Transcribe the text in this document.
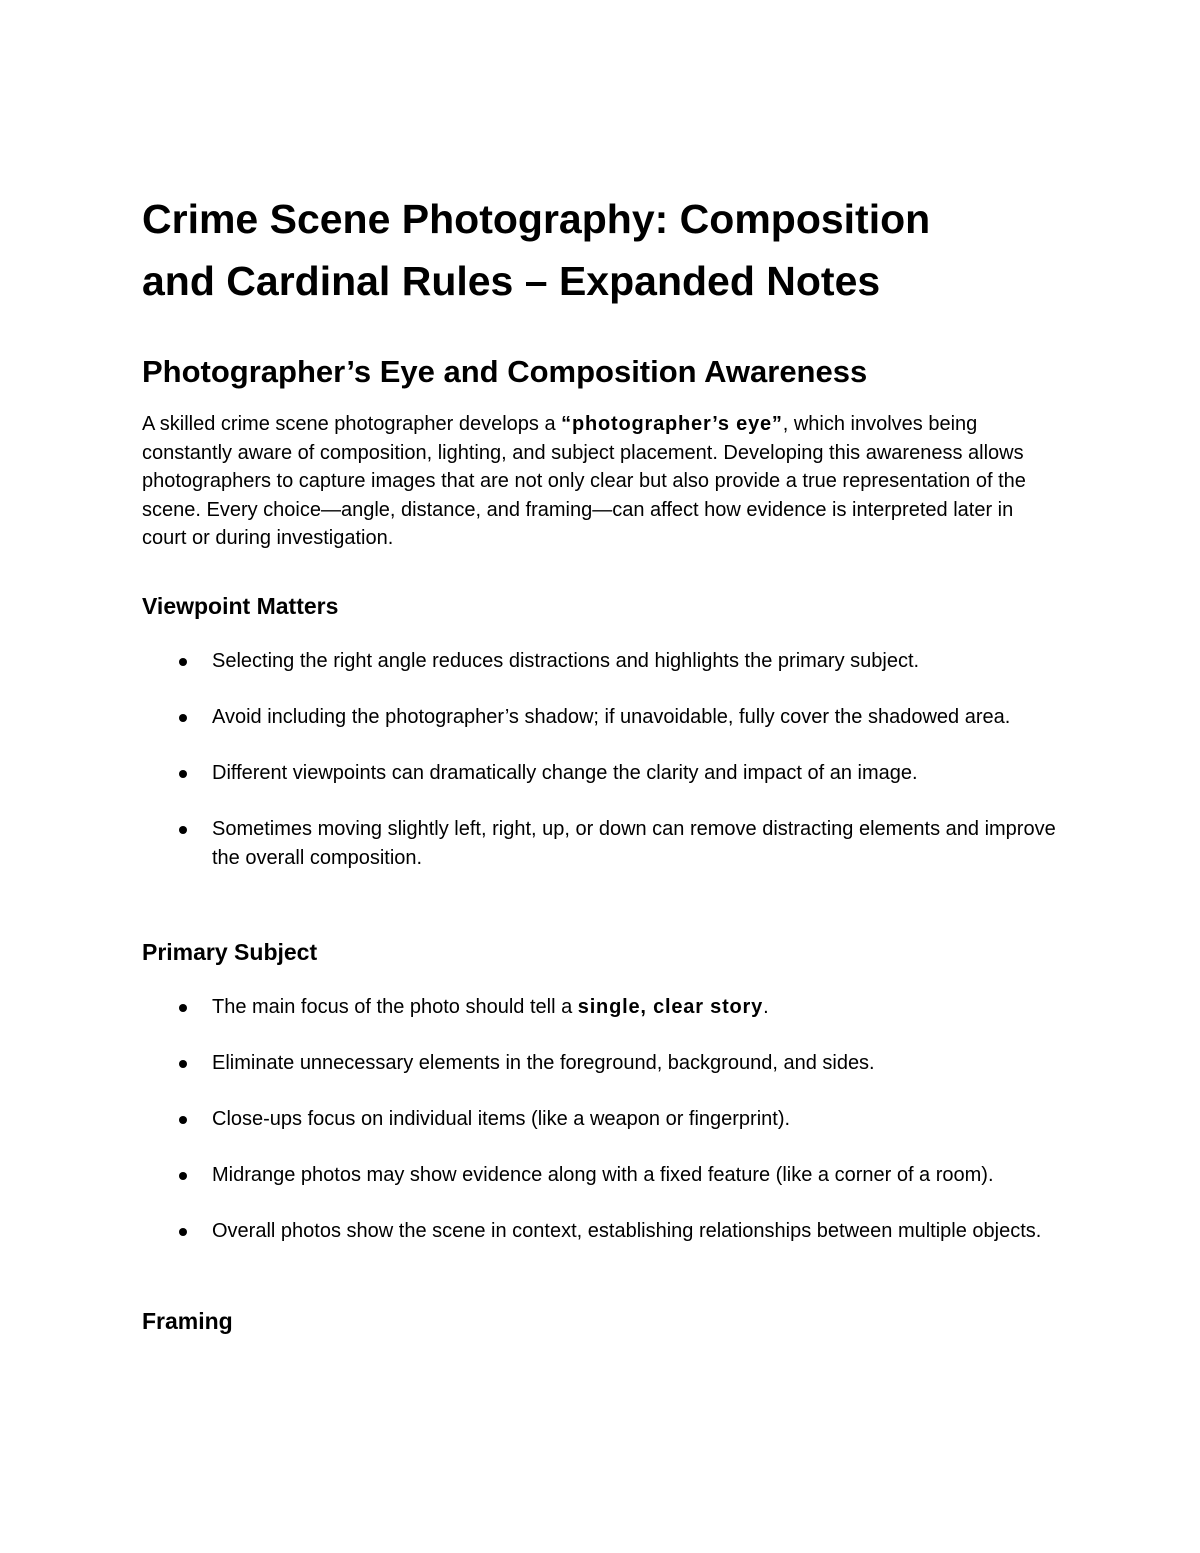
Crime Scene Photography: Composition
and Cardinal Rules – Expanded Notes
Photographer’s Eye and Composition Awareness

A skilled crime scene photographer develops a “photographer’s eye”, which involves being constantly aware of composition, lighting, and subject placement. Developing this awareness allows photographers to capture images that are not only clear but also provide a true representation of the scene. Every choice—angle, distance, and framing—can affect how evidence is interpreted later in court or during investigation.

Viewpoint Matters
Selecting the right angle reduces distractions and highlights the primary subject.
Avoid including the photographer’s shadow; if unavoidable, fully cover the shadowed area.
Different viewpoints can dramatically change the clarity and impact of an image.
Sometimes moving slightly left, right, up, or down can remove distracting elements and improve the overall composition.
Primary Subject
The main focus of the photo should tell a single, clear story.
Eliminate unnecessary elements in the foreground, background, and sides.
Close-ups focus on individual items (like a weapon or fingerprint).
Midrange photos may show evidence along with a fixed feature (like a corner of a room).
Overall photos show the scene in context, establishing relationships between multiple objects.
Framing
